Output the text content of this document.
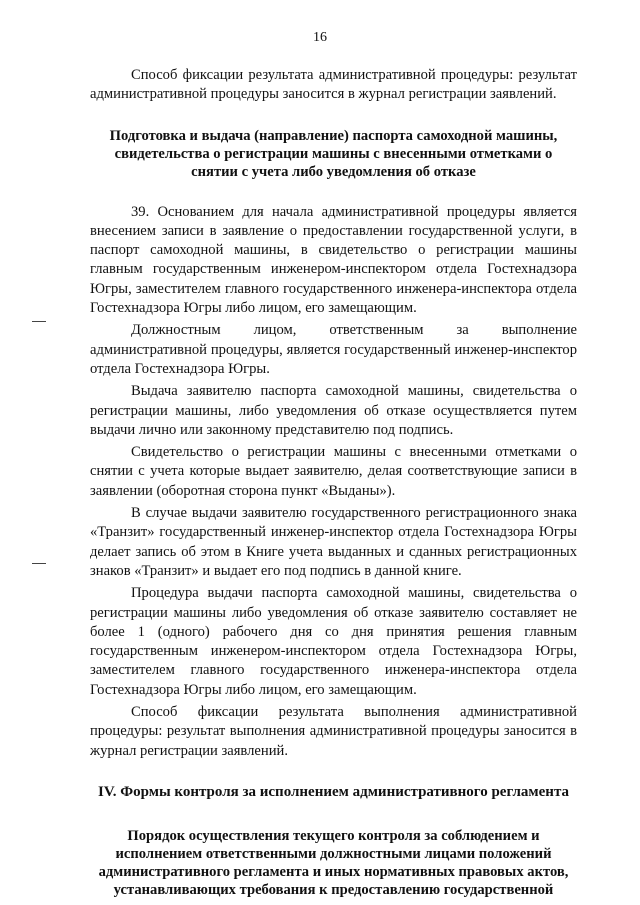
16

Способ фиксации результата административной процедуры: результат административной процедуры заносится в журнал регистрации заявлений.

Подготовка и выдача (направление) паспорта самоходной машины, свидетельства о регистрации машины с внесенными отметками о снятии с учета либо уведомления об отказе

39. Основанием для начала административной процедуры является внесением записи в заявление о предоставлении государственной услуги, в паспорт самоходной машины, в свидетельство о регистрации машины главным государственным инженером-инспектором отдела Гостехнадзора Югры, заместителем главного государственного инженера-инспектора отдела Гостехнадзора Югры либо лицом, его замещающим.

Должностным лицом, ответственным за выполнение административной процедуры, является государственный инженер-инспектор отдела Гостехнадзора Югры.

Выдача заявителю паспорта самоходной машины, свидетельства о регистрации машины, либо уведомления об отказе осуществляется путем выдачи лично или законному представителю под подпись.

Свидетельство о регистрации машины с внесенными отметками о снятии с учета которые выдает заявителю, делая соответствующие записи в заявлении (оборотная сторона пункт «Выданы»).

В случае выдачи заявителю государственного регистрационного знака «Транзит» государственный инженер-инспектор отдела Гостехнадзора Югры делает запись об этом в Книге учета выданных и сданных регистрационных знаков «Транзит» и выдает его под подпись в данной книге.

Процедура выдачи паспорта самоходной машины, свидетельства о регистрации машины либо уведомления об отказе заявителю составляет не более 1 (одного) рабочего дня со дня принятия решения главным государственным инженером-инспектором отдела Гостехнадзора Югры, заместителем главного государственного инженера-инспектора отдела Гостехнадзора Югры либо лицом, его замещающим.

Способ фиксации результата выполнения административной процедуры: результат выполнения административной процедуры заносится в журнал регистрации заявлений.

IV. Формы контроля за исполнением административного регламента

Порядок осуществления текущего контроля за соблюдением и исполнением ответственными должностными лицами положений административного регламента и иных нормативных правовых актов, устанавливающих требования к предоставлению государственной
